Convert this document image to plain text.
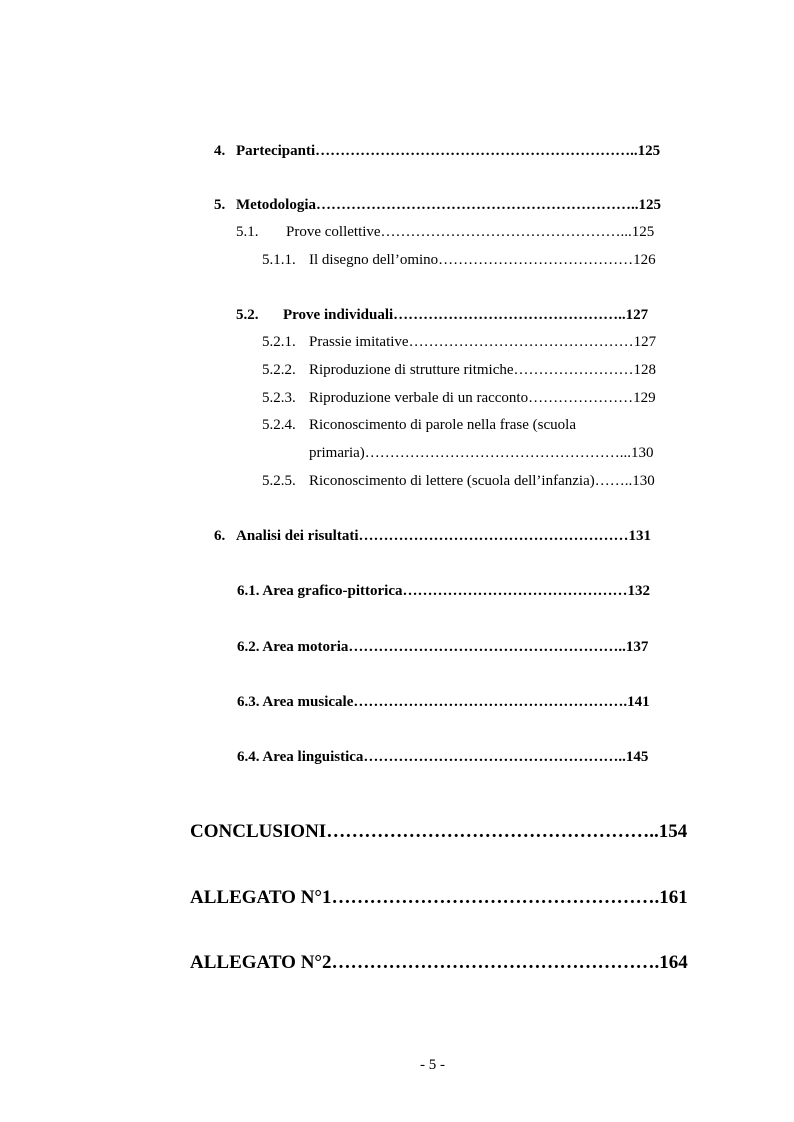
4. Partecipanti………………………………………………………..125
5. Metodologia………………………………………………………..125
5.1. Prove collettive…………………………………………...125
5.1.1. Il disegno dell’omino…………………………………126
5.2. Prove individuali………………………………………..127
5.2.1. Prassie imitative………………………………………127
5.2.2. Riproduzione di strutture ritmiche……………………128
5.2.3. Riproduzione verbale di un racconto…………………129
5.2.4. Riconoscimento di parole nella frase (scuola
primaria)……………………………………………...130
5.2.5. Riconoscimento di lettere (scuola dell’infanzia)……..130
6. Analisi dei risultati………………………………………………131
6.1. Area grafico-pittorica………………………………………132
6.2. Area motoria………………………………………………..137
6.3. Area musicale……………………………………………….141
6.4. Area linguistica……………………………………………..145
CONCLUSIONI……………………………………………..154
ALLEGATO N°1…………………………………………….161
ALLEGATO N°2…………………………………………….164
- 5 -
